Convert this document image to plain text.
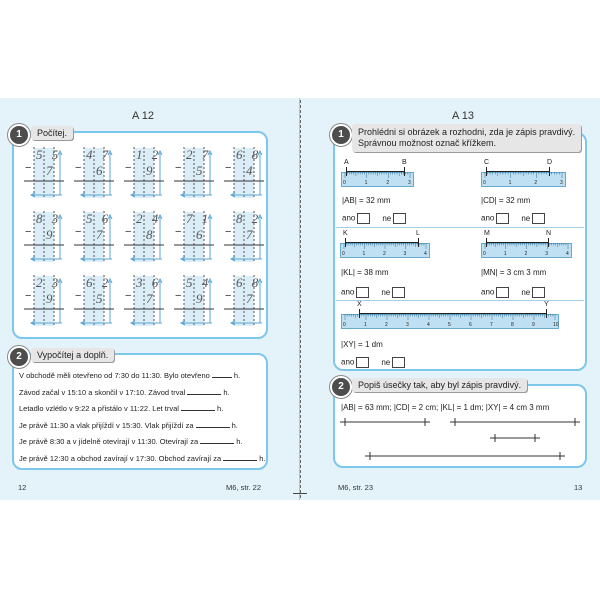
A 12
1	Počítej.
2	Vypočítej a doplň.
12	M6, str. 22
A 13
1	Prohlédni si obrázek a rozhodni, zda je zápis pravdivý.
Správnou možnost označ křížkem.
2	Popiš úsečky tak, aby byl zápis pravdivý.
|AB| = 63 mm; |CD| = 2 cm; |KL| = 1 dm; |XY| = 4 cm 3 mm
M6, str. 23	13
5 5
− 7
4 7
− 6
1 2
− 9
2 7
− 5
6 8
− 4
8 3
− 9
5 6
− 7
2 4
− 8
7 1
− 6
8 2
− 7
2 3
− 9
6 2
− 5
3 6
− 7
5 4
− 9
6 8
− 7
V obchodě měli otevřeno od 7:30 do 11:30. Bylo otevřeno	h.
Závod začal v 15:10 a skončil v 17:10. Závod trval	h.
Letadlo vzlétlo v 9:22 a přistálo v 11:22. Let trval	h.
Je právě 11:30 a vlak přijíždí v 15:30. Vlak přijíždí za	h.
Je právě 8:30 a v jídelně otevírají v 11:30. Otevírají za	h.
Je právě 12:30 a obchod zavírají v 17:30. Obchod zavírají za	h.
0	1	2	3
A	B
|AB| = 32 mm
ano	ne
0	1	2	3
C	D
|CD| = 32 mm
ano	ne
0	1	2	3	4
K	L
|KL| = 38 mm
ano	ne
0	1	2	3	4
M	N
|MN| = 3 cm 3 mm
ano	ne
0	1	2	3	4	5	6	7	8	9	10
X	Y
|XY| = 1 dm
ano	ne
